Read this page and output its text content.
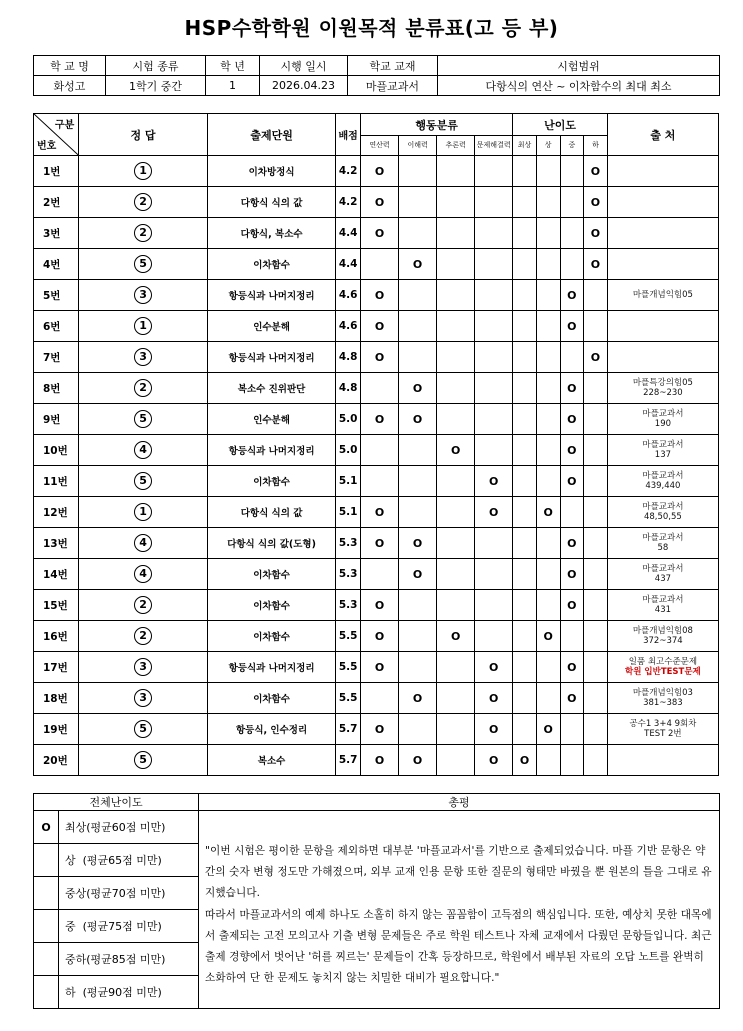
HSP수학학원 이원목적 분류표(고 등 부)
학 교 명	시험 종류	학 년	시행 일시	학교 교재	시험범위
화성고	1학기 중간	1	2026.04.23	마플교과서	다항식의 연산 ~ 이차함수의 최대 최소
구분
번호	정 답	출제단원	배점	행동분류				난이도				출 처
				연산력	이해력	추론력	문제해결력	최상	상	중	하	
1번	1	이차방정식	4.2	O							O	
2번	2	다항식 식의 값	4.2	O							O	
3번	2	다항식, 복소수	4.4	O							O	
4번	5	이차함수	4.4		O						O	
5번	3	항등식과 나머지정리	4.6	O						O		마플개념익힘05

6번	1	인수분해	4.6	O						O		
7번	3	항등식과 나머지정리	4.8	O							O	
8번	2	복소수 진위판단	4.8		O					O		마플특강의힘05
228~230

9번	5	인수분해	5.0	O	O					O		마플교과서
190

10번	4	항등식과 나머지정리	5.0			O				O		마플교과서
137

11번	5	이차함수	5.1				O			O		마플교과서
439,440

12번	1	다항식 식의 값	5.1	O			O		O			마플교과서
48,50,55

13번	4	다항식 식의 값(도형)	5.3	O	O					O		마플교과서
58

14번	4	이차함수	5.3		O					O		마플교과서
437

15번	2	이차함수	5.3	O						O		마플교과서
431

16번	2	이차함수	5.5	O		O			O			마플개념익힘08
372~374

17번	3	항등식과 나머지정리	5.5	O			O			O		일품 최고수준문제
학원 입반TEST문제

18번	3	이차함수	5.5		O		O			O		마플개념익힘03
381~383

19번	5	항등식, 인수정리	5.7	O			O		O			공수1 3+4 9회차
TEST 2번

20번	5	복소수	5.7	O	O		O	O				
전체난이도		총평
O	최상(평균60점 미만)	"이번 시험은 평이한 문항을 제외하면 대부분 '마플교과서'를 기반으로 출제되었습니다. 마플 기반 문항은 약간의 숫자 변형 정도만 가해졌으며, 외부 교재 인용 문항 또한 질문의 형태만 바꿨을 뿐 원본의 틀을 그대로 유지했습니다.
따라서 마플교과서의 예제 하나도 소홀히 하지 않는 꼼꼼함이 고득점의 핵심입니다. 또한, 예상치 못한 대목에서 출제되는 고전 모의고사 기출 변형 문제들은 주로 학원 테스트나 자체 교재에서 다뤘던 문항들입니다. 최근 출제 경향에서 벗어난 '허를 찌르는' 문제들이 간혹 등장하므로, 학원에서 배부된 자료의 오답 노트를 완벽히 소화하여 단 한 문제도 놓치지 않는 치밀한 대비가 필요합니다."
	상  (평균65점 미만)	
	중상(평균70점 미만)	
	중  (평균75점 미만)	
	중하(평균85점 미만)	
	하  (평균90점 미만)	
